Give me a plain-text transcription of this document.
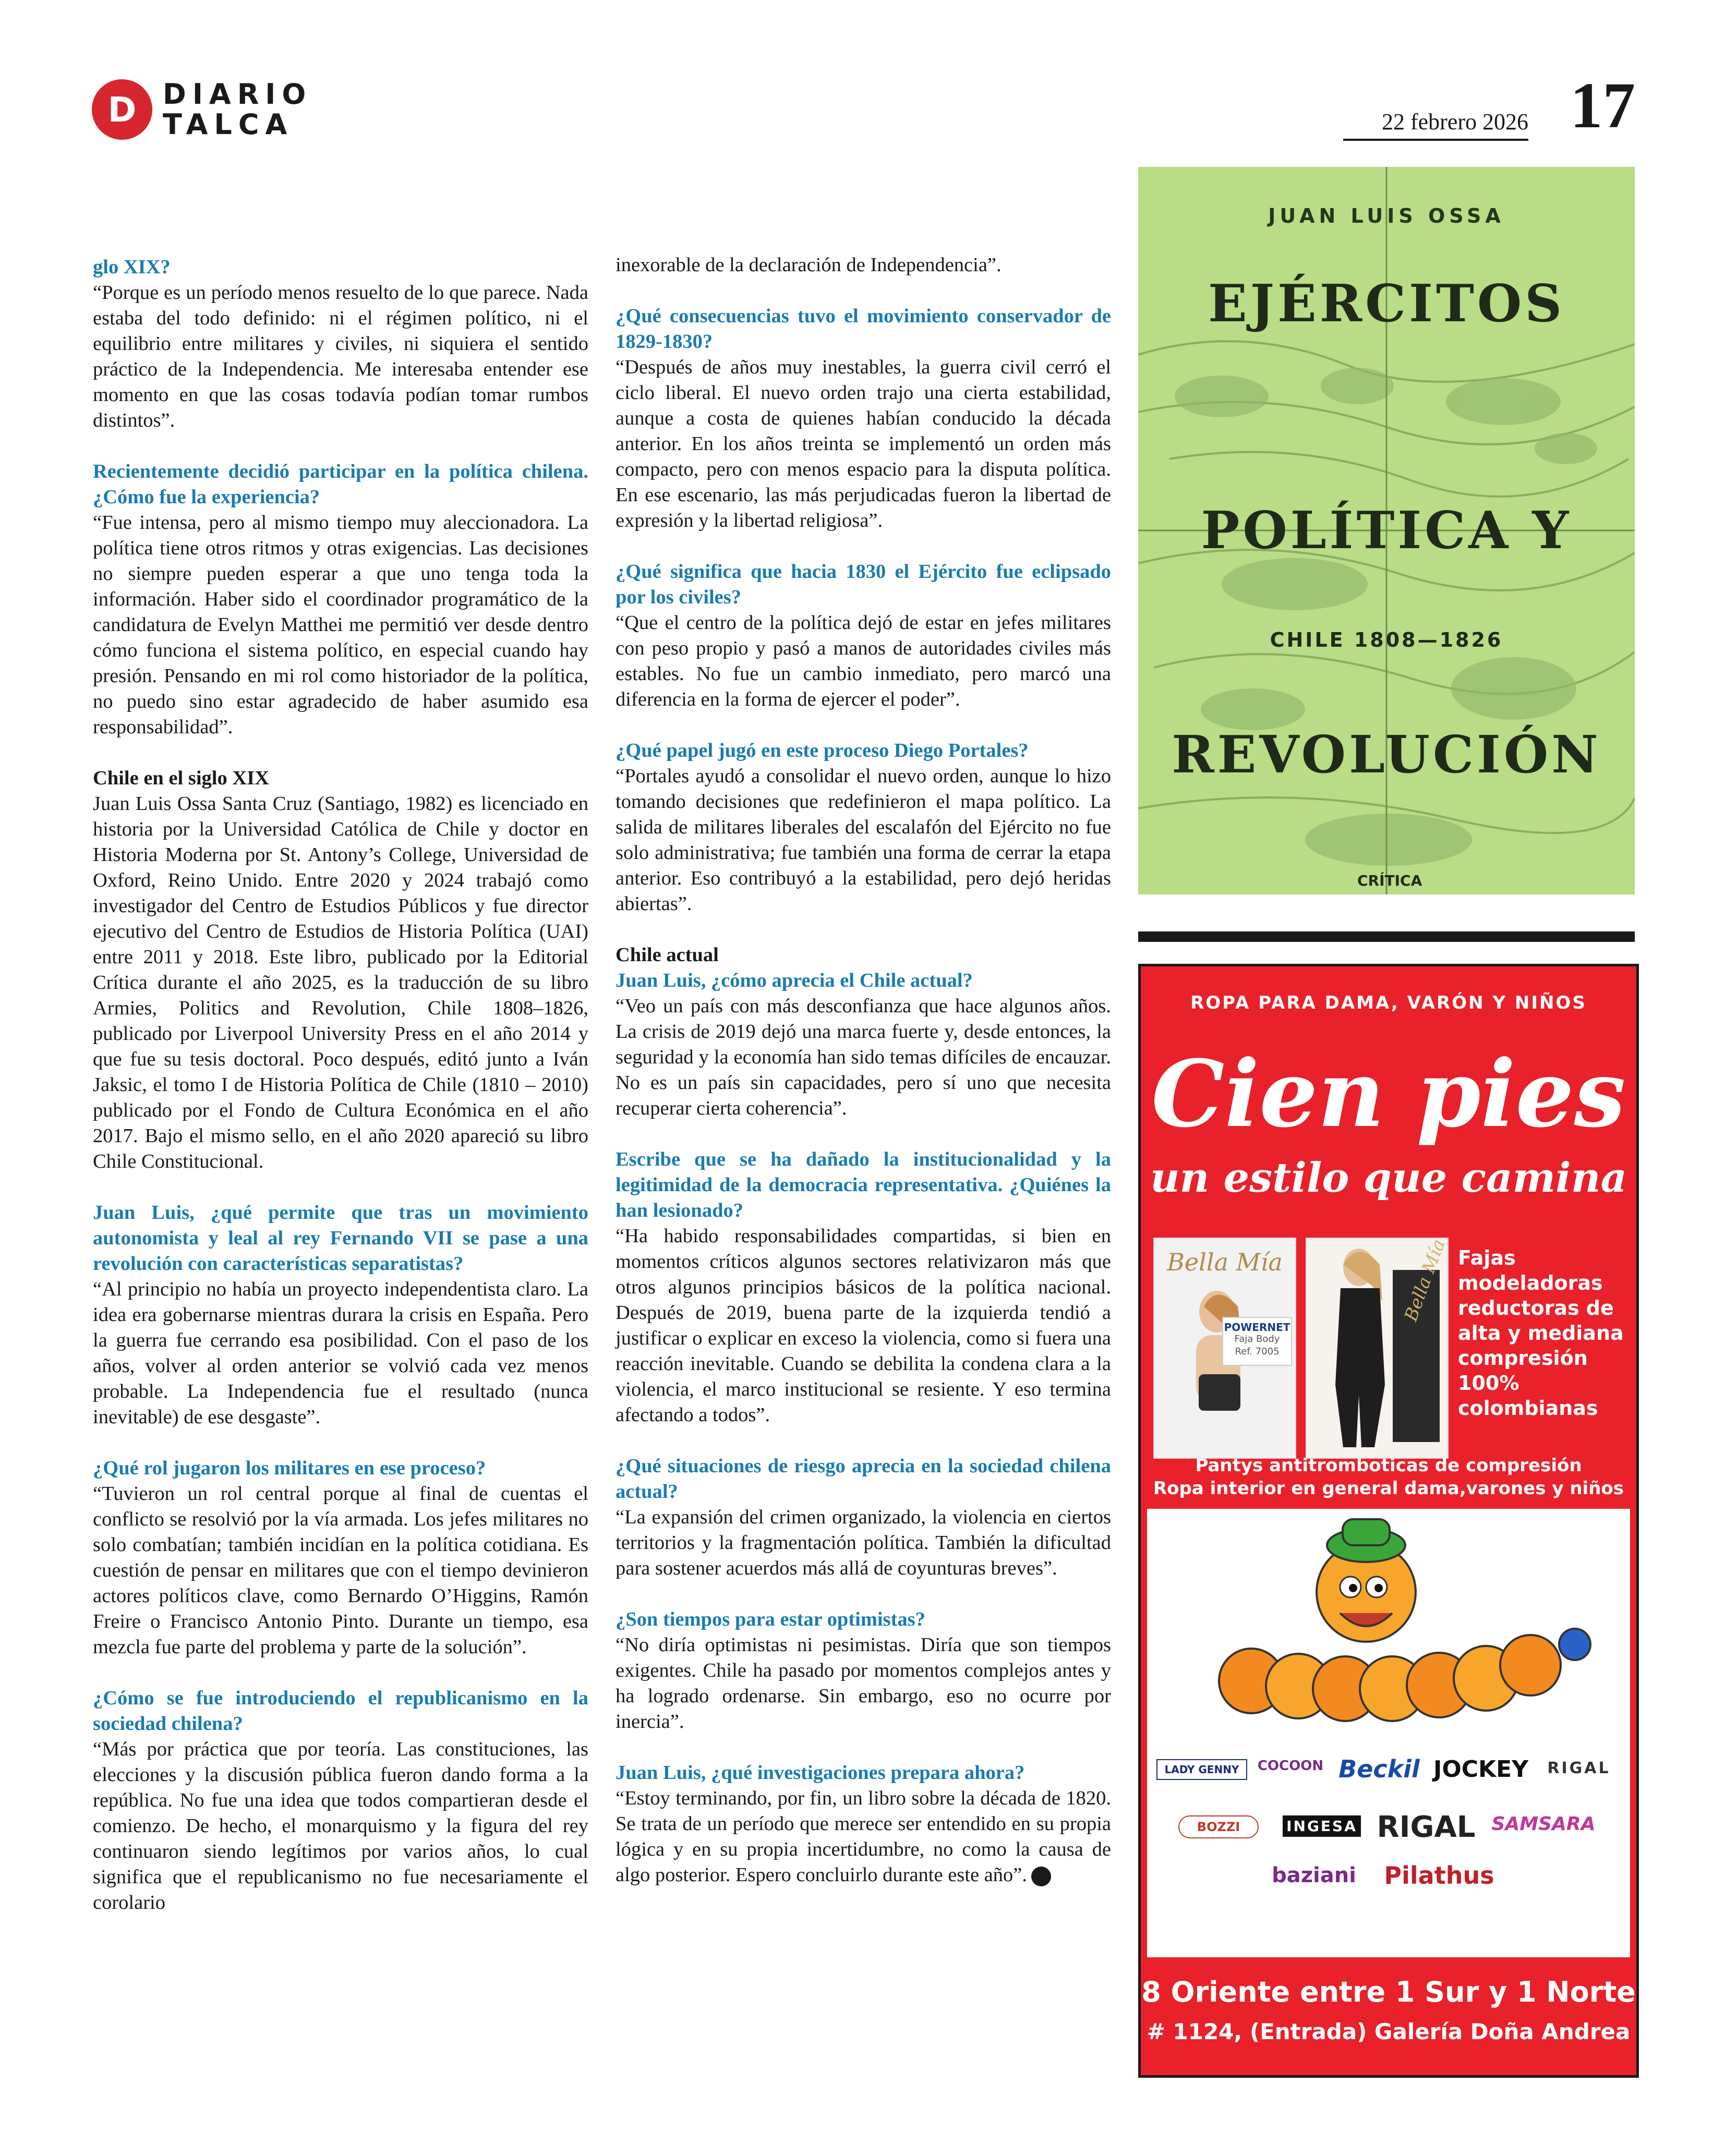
D DIARIO
TALCA	22 febrero 2026 17

glo XIX?

“Porque es un período menos resuelto de lo que parece. Nada estaba del todo definido: ni el régimen político, ni el equilibrio entre militares y civiles, ni siquiera el sentido práctico de la Independencia. Me interesaba entender ese momento en que las cosas todavía podían tomar rumbos distintos”.

Recientemente decidió participar en la política chilena. ¿Cómo fue la experiencia?

“Fue intensa, pero al mismo tiempo muy aleccionadora. La política tiene otros ritmos y otras exigencias. Las decisiones no siempre pueden esperar a que uno tenga toda la información. Haber sido el coordinador programático de la candidatura de Evelyn Matthei me permitió ver desde dentro cómo funciona el sistema político, en especial cuando hay presión. Pensando en mi rol como historiador de la política, no puedo sino estar agradecido de haber asumido esa responsabilidad”.

Chile en el siglo XIX

Juan Luis Ossa Santa Cruz (Santiago, 1982) es licenciado en historia por la Universidad Católica de Chile y doctor en Historia Moderna por St. Antony’s College, Universidad de Oxford, Reino Unido. Entre 2020 y 2024 trabajó como investigador del Centro de Estudios Públicos y fue director ejecutivo del Centro de Estudios de Historia Política (UAI) entre 2011 y 2018. Este libro, publicado por la Editorial Crítica durante el año 2025, es la traducción de su libro Armies, Politics and Revolution, Chile 1808–1826, publicado por Liverpool University Press en el año 2014 y que fue su tesis doctoral. Poco después, editó junto a Iván Jaksic, el tomo I de Historia Política de Chile (1810 – 2010) publicado por el Fondo de Cultura Económica en el año 2017. Bajo el mismo sello, en el año 2020 apareció su libro Chile Constitucional.

Juan Luis, ¿qué permite que tras un movimiento autonomista y leal al rey Fernando VII se pase a una revolución con características separatistas?

“Al principio no había un proyecto independentista claro. La idea era gobernarse mientras durara la crisis en España. Pero la guerra fue cerrando esa posibilidad. Con el paso de los años, volver al orden anterior se volvió cada vez menos probable. La Independencia fue el resultado (nunca inevitable) de ese desgaste”.

¿Qué rol jugaron los militares en ese proceso?

“Tuvieron un rol central porque al final de cuentas el conflicto se resolvió por la vía armada. Los jefes militares no solo combatían; también incidían en la política cotidiana. Es cuestión de pensar en militares que con el tiempo devinieron actores políticos clave, como Bernardo O’Higgins, Ramón Freire o Francisco Antonio Pinto. Durante un tiempo, esa mezcla fue parte del problema y parte de la solución”.

¿Cómo se fue introduciendo el republicanismo en la sociedad chilena?

“Más por práctica que por teoría. Las constituciones, las elecciones y la discusión pública fueron dando forma a la república. No fue una idea que todos compartieran desde el comienzo. De hecho, el monarquismo y la figura del rey continuaron siendo legítimos por varios años, lo cual significa que el republicanismo no fue necesariamente el corolario

inexorable de la declaración de Independencia”.

¿Qué consecuencias tuvo el movimiento conservador de 1829-1830?

“Después de años muy inestables, la guerra civil cerró el ciclo liberal. El nuevo orden trajo una cierta estabilidad, aunque a costa de quienes habían conducido la década anterior. En los años treinta se implementó un orden más compacto, pero con menos espacio para la disputa política. En ese escenario, las más perjudicadas fueron la libertad de expresión y la libertad religiosa”.

¿Qué significa que hacia 1830 el Ejército fue eclipsado por los civiles?

“Que el centro de la política dejó de estar en jefes militares con peso propio y pasó a manos de autoridades civiles más estables. No fue un cambio inmediato, pero marcó una diferencia en la forma de ejercer el poder”.

¿Qué papel jugó en este proceso Diego Portales?

“Portales ayudó a consolidar el nuevo orden, aunque lo hizo tomando decisiones que redefinieron el mapa político. La salida de militares liberales del escalafón del Ejército no fue solo administrativa; fue también una forma de cerrar la etapa anterior. Eso contribuyó a la estabilidad, pero dejó heridas abiertas”.

Chile actual

Juan Luis, ¿cómo aprecia el Chile actual?

“Veo un país con más desconfianza que hace algunos años. La crisis de 2019 dejó una marca fuerte y, desde entonces, la seguridad y la economía han sido temas difíciles de encauzar. No es un país sin capacidades, pero sí uno que necesita recuperar cierta coherencia”.

Escribe que se ha dañado la institucionalidad y la legitimidad de la democracia representativa. ¿Quiénes la han lesionado?

“Ha habido responsabilidades compartidas, si bien en momentos críticos algunos sectores relativizaron más que otros algunos principios básicos de la política nacional. Después de 2019, buena parte de la izquierda tendió a justificar o explicar en exceso la violencia, como si fuera una reacción inevitable. Cuando se debilita la condena clara a la violencia, el marco institucional se resiente. Y eso termina afectando a todos”.

¿Qué situaciones de riesgo aprecia en la sociedad chilena actual?

“La expansión del crimen organizado, la violencia en ciertos territorios y la fragmentación política. También la dificultad para sostener acuerdos más allá de coyunturas breves”.

¿Son tiempos para estar optimistas?

“No diría optimistas ni pesimistas. Diría que son tiempos exigentes. Chile ha pasado por momentos complejos antes y ha logrado ordenarse. Sin embargo, eso no ocurre por inercia”.

Juan Luis, ¿qué investigaciones prepara ahora?

“Estoy terminando, por fin, un libro sobre la década de 1820. Se trata de un período que merece ser entendido en su propia lógica y en su propia incertidumbre, no como la causa de algo posterior. Espero concluirlo durante este año”.

JUAN LUIS OSSA
EJÉRCITOS
POLÍTICA Y
CHILE 1808—1826
REVOLUCIÓN
CRÍTICA
ROPA PARA DAMA, VARÓN Y NIÑOS
Cien pies
un estilo que camina
Bella Mía
POWERNET
Faja Body
Ref. 7005
Bella Mía Fajas modeladoras reductoras de alta y mediana compresión 100% colombianas
Pantys antitromboticas de compresión
Ropa interior en general dama,varones y niños
LADY GENNY	COCOON Beckil JOCKEY	RIGAL
BOZZI	INGESA RIGAL SAMSARA
baziani	Pilathus
8 Oriente entre 1 Sur y 1 Norte
# 1124, (Entrada) Galería Doña Andrea
